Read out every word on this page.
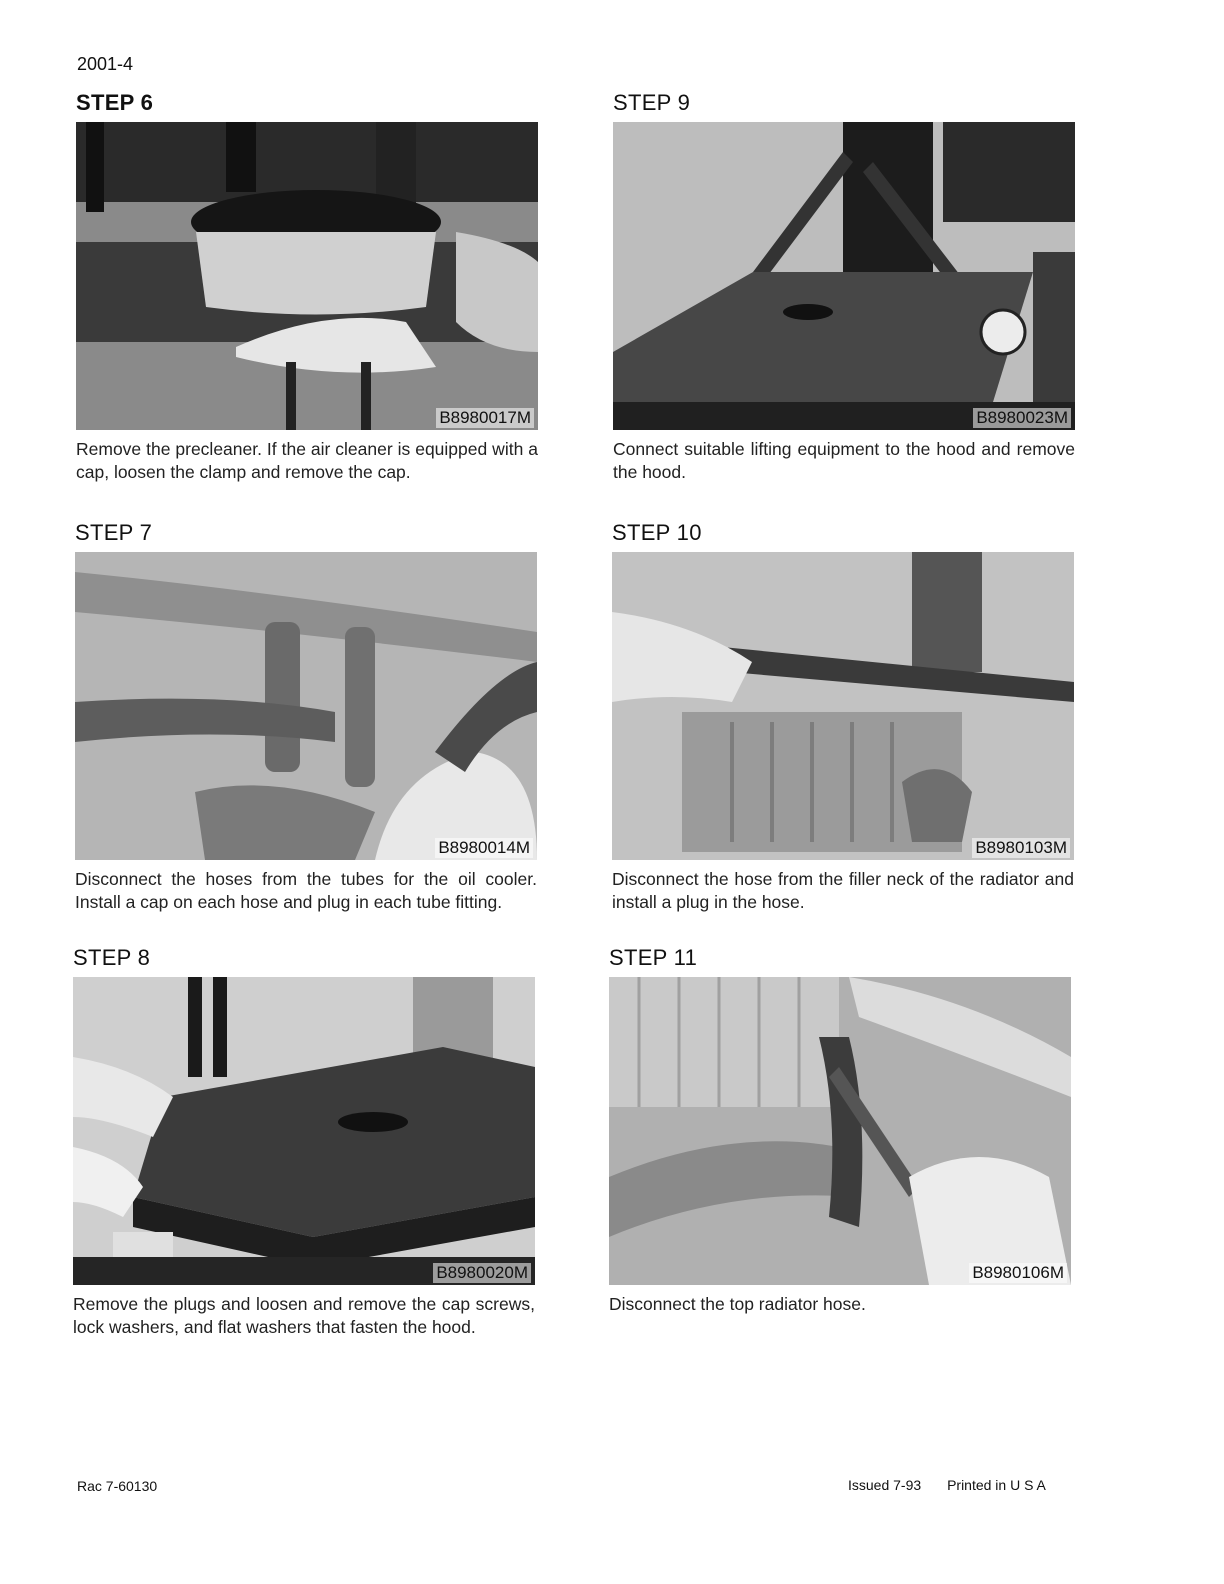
2001-4
STEP 6
B8980017M
Remove the precleaner. If the air cleaner is equipped with a cap, loosen the clamp and remove the cap.
STEP 7
B8980014M
Disconnect the hoses from the tubes for the oil cooler. Install a cap on each hose and plug in each tube fitting.
STEP 8
B8980020M
Remove the plugs and loosen and remove the cap screws, lock washers, and flat washers that fasten the hood.
STEP 9
B8980023M
Connect suitable lifting equipment to the hood and remove the hood.
STEP 10
B8980103M
Disconnect the hose from the filler neck of the radiator and install a plug in the hose.
STEP 11
B8980106M
Disconnect the top radiator hose.
Rac 7-60130	Issued 7-93 Printed in U S A
